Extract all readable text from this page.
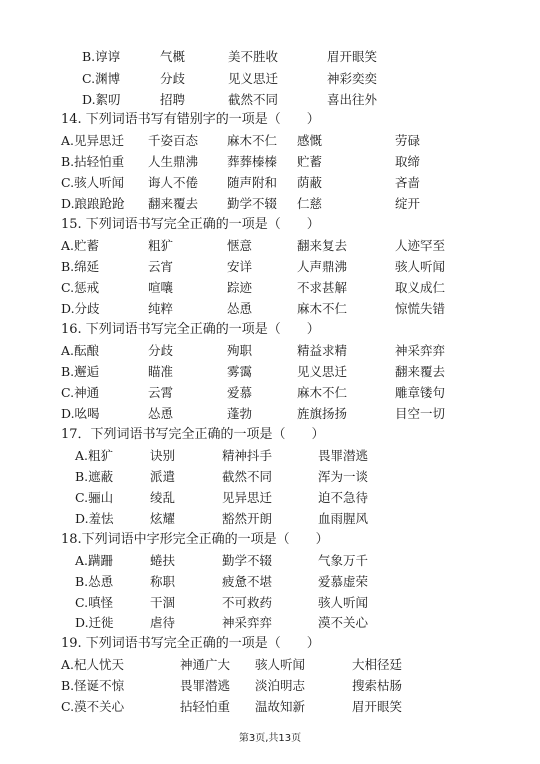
B.谆谆	气概	美不胜收	眉开眼笑
C.渊博	分歧	见义思迁	神彩奕奕
D.絮叨	招聘	截然不同	喜出往外
14. 下列词语书写有错别字的一项是（　　）
A.见异思迁 千姿百态 麻木不仁 感慨	劳碌
B.拈轻怕重 人生鼎沸 葬葬榛榛 贮蓄	取缔
C.骇人听闻 诲人不倦 随声附和 荫蔽	吝啬
D.踉踉跄跄 翻来覆去 勤学不辍 仁慈	绽开
15. 下列词语书写完全正确的一项是（　　）
A.贮蓄	粗犷	惬意	翻来复去	人迹罕至
B.绵延	云宵	安详	人声鼎沸	骇人听闻
C.惩戒	喧嚷	踪迹	不求甚解	取义成仁
D.分歧	纯粹	怂恿	麻木不仁	惊慌失错
16. 下列词语书写完全正确的一项是（　　）
A.酝酿	分歧	殉职	精益求精	神采弈弈
B.邂逅	瞄准	雾霭	见义思迁	翻来覆去
C.神通	云霄	爱慕	麻木不仁	雕章镂句
D.吆喝	怂恿	蓬勃	旌旗扬扬	目空一切
17．下列词语书写完全正确的一项是（　　）
A.粗犷	诀别	精神抖手	畏罪潜逃
B.遮蔽	派遣	截然不同	浑为一谈
C.骊山	绫乱	见异思迁	迫不急待
D.羞怯	炫耀	豁然开朗	血雨腥风
18.下列词语中字形完全正确的一项是（　　）
A.蹒跚	蜷扶	勤学不辍	气象万千
B.怂恿	称职	疲惫不堪	爱慕虚荣
C.嗔怪	干涸	不可救药	骇人听闻
D.迁徙	虐待	神采弈弈	漠不关心
19. 下列词语书写完全正确的一项是（　　）
A.杞人忧天	神通广大 骇人听闻	大相径廷
B.怪诞不惊	畏罪潜逃 淡泊明志	搜索枯肠
C.漠不关心	拈轻怕重 温故知新	眉开眼笑
第3页,共13页
